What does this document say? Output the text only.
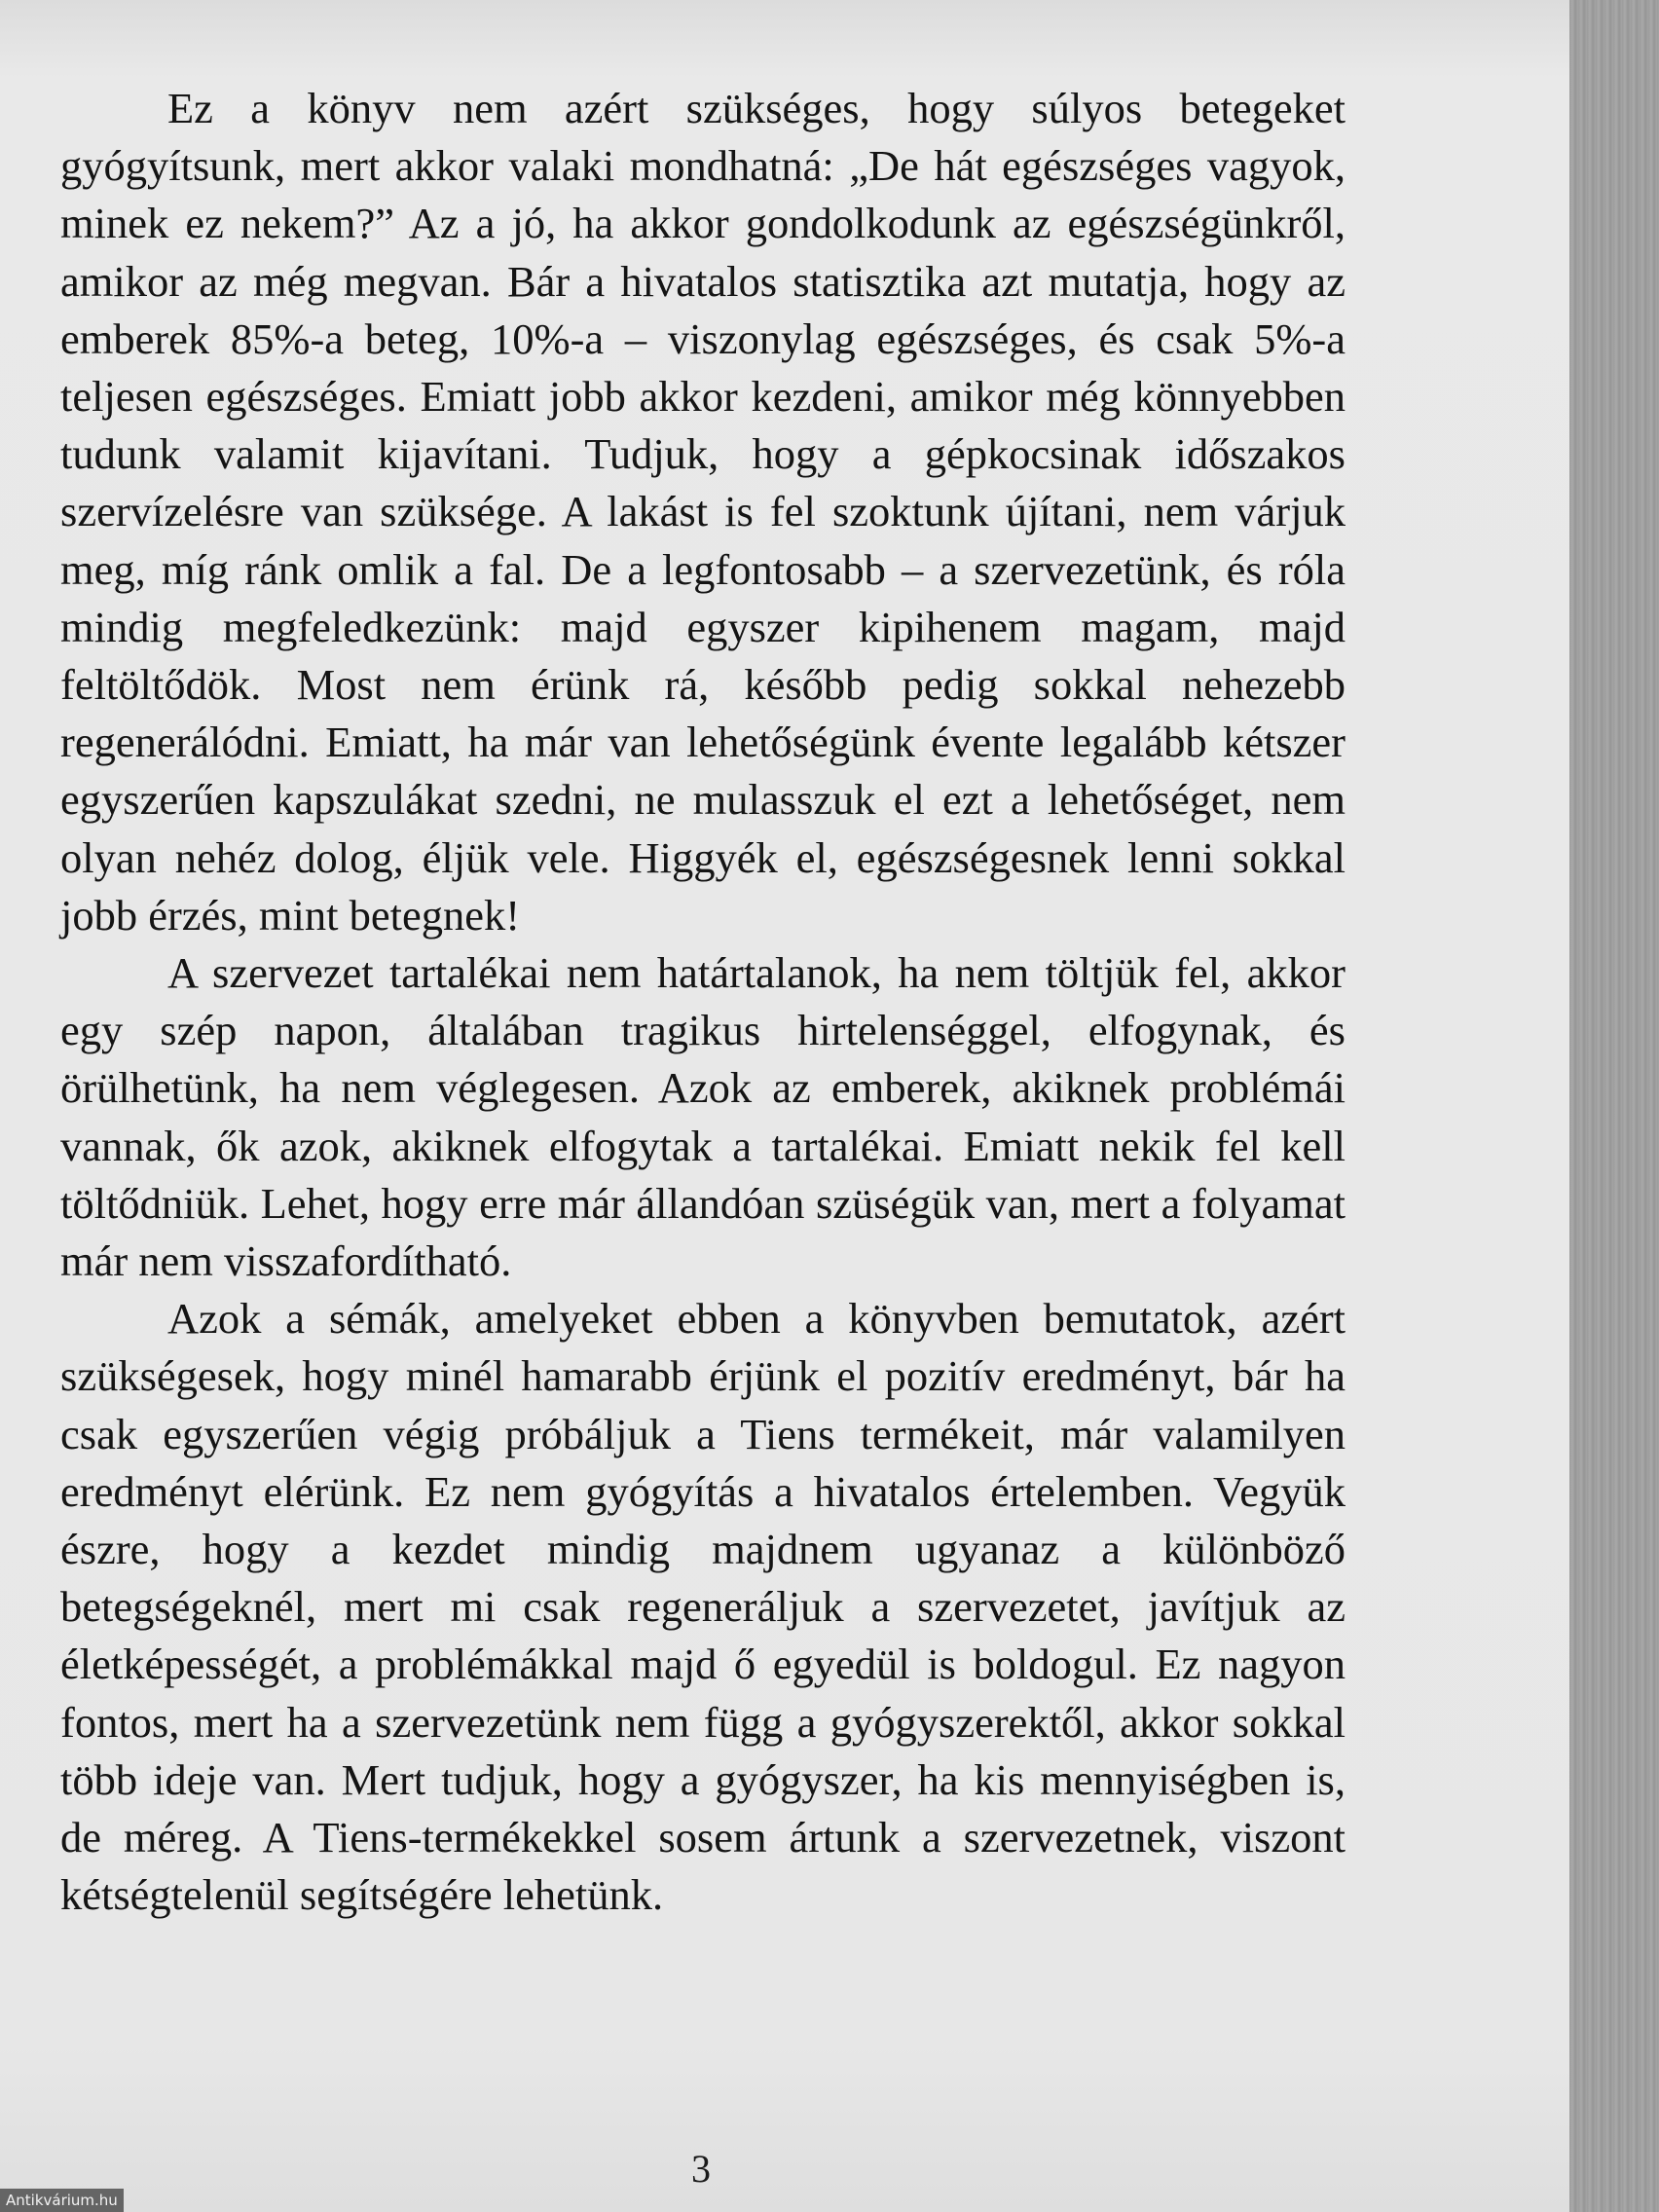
Ez a könyv nem azért szükséges, hogy súlyos betegeket gyógyítsunk, mert akkor valaki mondhatná: „De hát egészséges vagyok, minek ez nekem?” Az a jó, ha akkor gondolkodunk az egészségünkről, amikor az még megvan. Bár a hivatalos statisztika azt mutatja, hogy az emberek 85%-a beteg, 10%-a – viszonylag egészséges, és csak 5%-a teljesen egészséges. Emiatt jobb akkor kezdeni, amikor még könnyebben tudunk valamit kijavítani. Tudjuk, hogy a gépkocsinak időszakos szervízelésre van szüksége. A lakást is fel szoktunk újítani, nem várjuk meg, míg ránk omlik a fal. De a legfontosabb – a szervezetünk, és róla mindig megfeledkezünk: majd egyszer kipihenem magam, majd feltöltődök. Most nem érünk rá, később pedig sokkal nehezebb regenerálódni. Emiatt, ha már van lehetőségünk évente legalább kétszer egyszerűen kapszulákat szedni, ne mulasszuk el ezt a lehetőséget, nem olyan nehéz dolog, éljük vele. Higgyék el, egészségesnek lenni sokkal jobb érzés, mint betegnek!

A szervezet tartalékai nem határtalanok, ha nem töltjük fel, akkor egy szép napon, általában tragikus hirtelenséggel, elfogynak, és örülhetünk, ha nem véglegesen. Azok az emberek, akiknek problémái vannak, ők azok, akiknek elfogytak a tartalékai. Emiatt nekik fel kell töltődniük. Lehet, hogy erre már állandóan szüségük van, mert a folyamat már nem visszafordítható.

Azok a sémák, amelyeket ebben a könyvben bemutatok, azért szükségesek, hogy minél hamarabb érjünk el pozitív eredményt, bár ha csak egyszerűen végig próbáljuk a Tiens termékeit, már valamilyen eredményt elérünk. Ez nem gyógyítás a hivatalos értelemben. Vegyük észre, hogy a kezdet mindig majdnem ugyanaz a különböző betegségeknél, mert mi csak regeneráljuk a szervezetet, javítjuk az életképességét, a problémákkal majd ő egyedül is boldogul. Ez nagyon fontos, mert ha a szervezetünk nem függ a gyógyszerektől, akkor sokkal több ideje van. Mert tudjuk, hogy a gyógyszer, ha kis mennyiségben is, de méreg. A Tiens-termékekkel sosem ártunk a szervezetnek, viszont kétségtelenül segítségére lehetünk.

3
Antikvárium.hu
